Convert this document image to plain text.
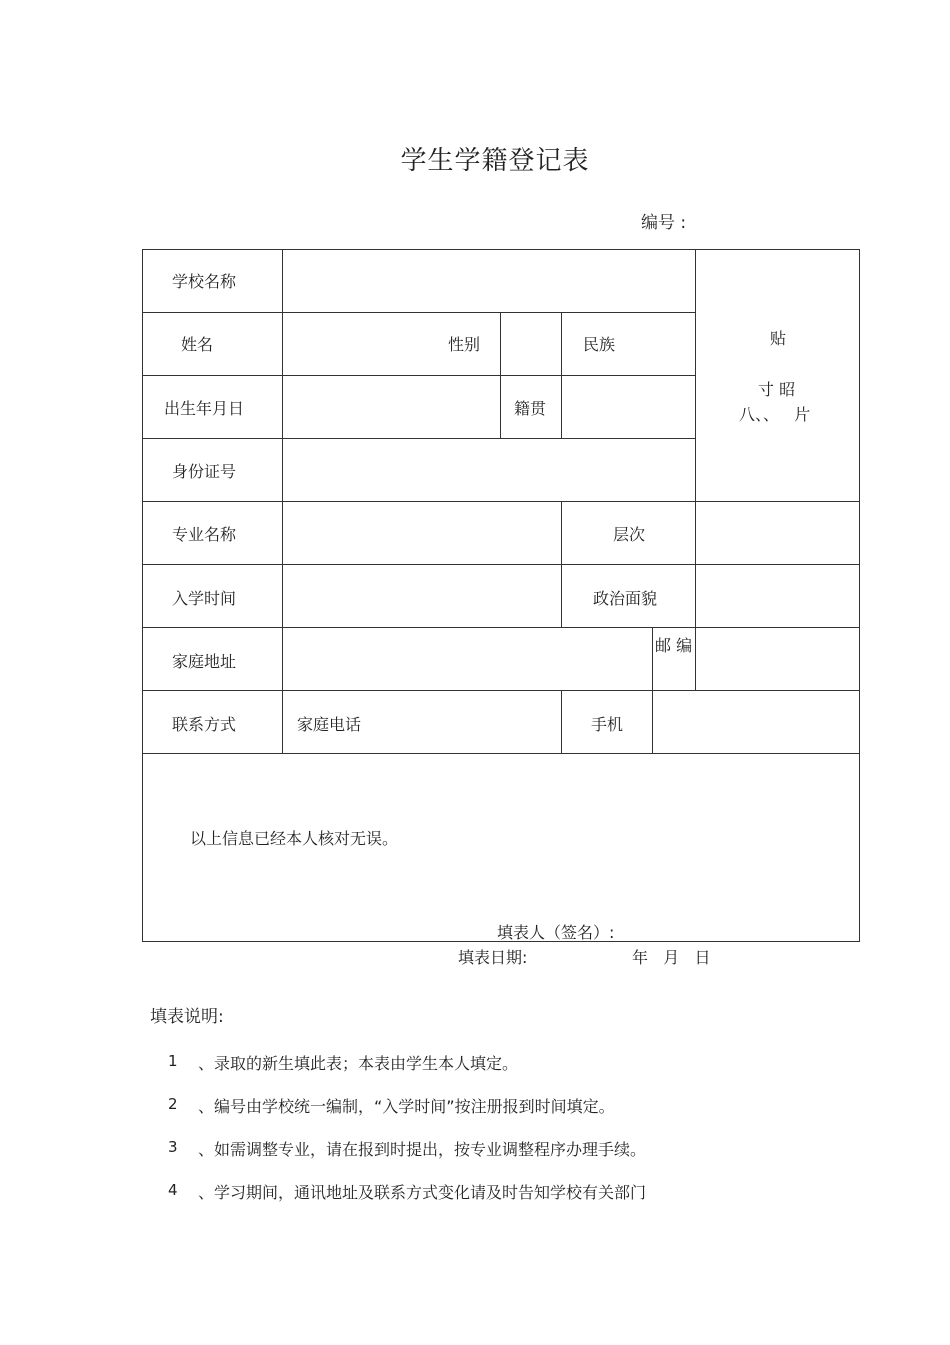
学生学籍登记表
编号 :
学校名称
姓名	性别	民族	贴
寸 昭
八、、   片
出生年月日	籍贯
身份证号
专业名称	层次
入学时间	政治面貌
家庭地址
邮 编
联系方式	家庭电话	手机
以上信息已经本人核对无误。
填表人（签名）:
填表日期:	年   月   日
填表说明:
1 、录取的新生填此表；本表由学生本人填定。
2 、编号由学校统一编制，“入学时间”按注册报到时间填定。
3 、如需调整专业，请在报到时提出，按专业调整程序办理手续。
4 、学习期间，通讯地址及联系方式变化请及时告知学校有关部门
